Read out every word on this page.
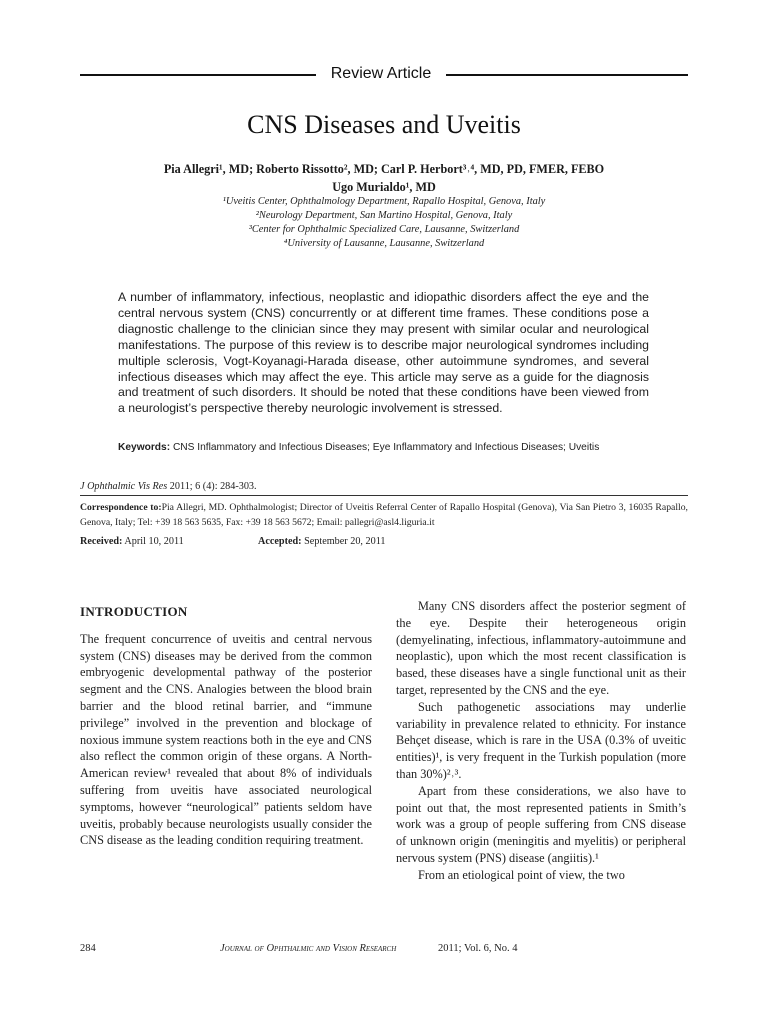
Review Article
CNS Diseases and Uveitis
Pia Allegri¹, MD; Roberto Rissotto², MD; Carl P. Herbort³˒⁴, MD, PD, FMER, FEBO
Ugo Murialdo¹, MD
¹Uveitis Center, Ophthalmology Department, Rapallo Hospital, Genova, Italy
²Neurology Department, San Martino Hospital, Genova, Italy
³Center for Ophthalmic Specialized Care, Lausanne, Switzerland
⁴University of Lausanne, Lausanne, Switzerland

A number of inflammatory, infectious, neoplastic and idiopathic disorders affect the eye and the central nervous system (CNS) concurrently or at different time frames. These conditions pose a diagnostic challenge to the clinician since they may present with similar ocular and neurological manifestations. The purpose of this review is to describe major neurological syndromes including multiple sclerosis, Vogt-Koyanagi-Harada disease, other autoimmune syndromes, and several infectious diseases which may affect the eye. This article may serve as a guide for the diagnosis and treatment of such disorders. It should be noted that these conditions have been viewed from a neurologist’s perspective thereby neurologic involvement is stressed.

Keywords: CNS Inflammatory and Infectious Diseases; Eye Inflammatory and Infectious Diseases; Uveitis

J Ophthalmic Vis Res 2011; 6 (4): 284-303.

Correspondence to:Pia Allegri, MD. Ophthalmologist; Director of Uveitis Referral Center of Rapallo Hospital (Genova), Via San Pietro 3, 16035 Rapallo, Genova, Italy; Tel: +39 18 563 5635, Fax: +39 18 563 5672; Email: pallegri@asl4.liguria.it

Received: April 10, 2011	Accepted: September 20, 2011
INTRODUCTION

The frequent concurrence of uveitis and central nervous system (CNS) diseases may be derived from the common embryogenic developmental pathway of the posterior segment and the CNS. Analogies between the blood brain barrier and the blood retinal barrier, and “immune privilege” involved in the prevention and blockage of noxious immune system reactions both in the eye and CNS also reflect the common origin of these organs. A North-American review¹ revealed that about 8% of individuals suffering from uveitis have associated neurological symptoms, however “neurological” patients seldom have uveitis, probably because neurologists usually consider the CNS disease as the leading condition requiring treatment.

Many CNS disorders affect the posterior segment of the eye. Despite their heterogeneous origin (demyelinating, infectious, inflammatory-autoimmune and neoplastic), upon which the most recent classification is based, these diseases have a single functional unit as their target, represented by the CNS and the eye.

Such pathogenetic associations may underlie variability in prevalence related to ethnicity. For instance Behçet disease, which is rare in the USA (0.3% of uveitic entities)¹, is very frequent in the Turkish population (more than 30%)²˒³.

Apart from these considerations, we also have to point out that, the most represented patients in Smith’s work was a group of people suffering from CNS disease of unknown origin (meningitis and myelitis) or peripheral nervous system (PNS) disease (angiitis).¹

From an etiological point of view, the two

284	Journal of Ophthalmic and Vision Research	2011; Vol. 6, No. 4
